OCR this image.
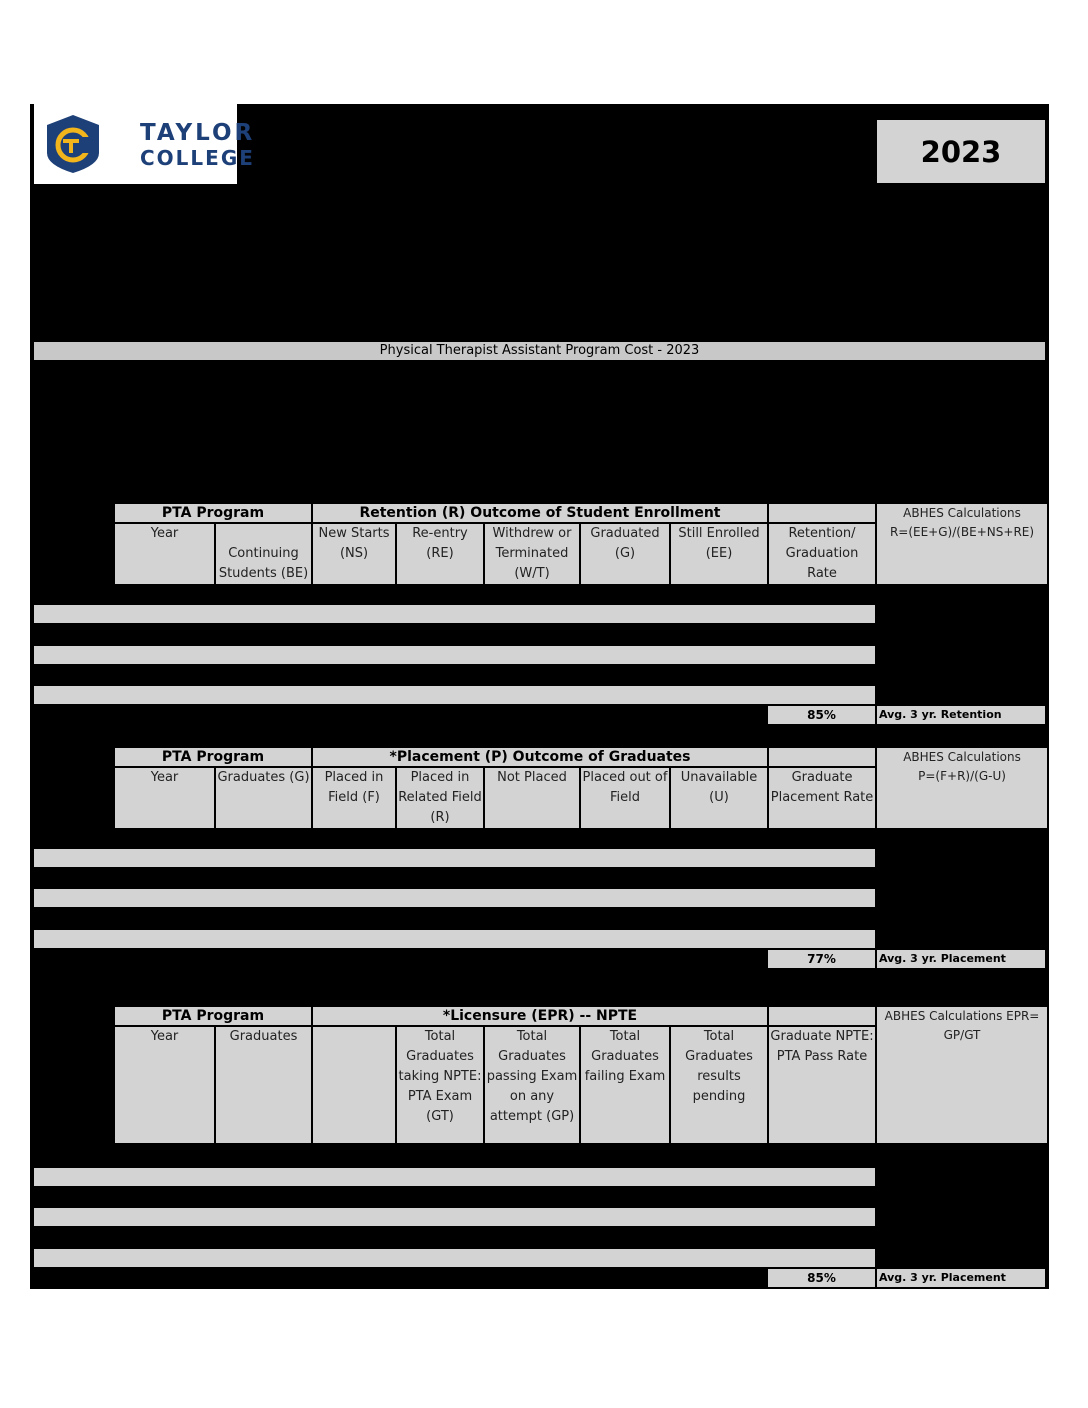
TAYLOR
COLLEGE	2023
Physical Therapist Assistant Program Cost - 2023
PTA Program		Retention (R) Outcome of Student Enrollment						ABHES Calculations
R=(EE+G)/(BE+NS+RE)

Year	Continuing Students (BE)	New Starts (NS)	Re-entry (RE)	Withdrew or Terminated (W/T)	Graduated (G)	Still Enrolled (EE)	Retention/ Graduation Rate	
85%	Avg. 3 yr. Retention
PTA Program		*Placement (P) Outcome of Graduates						ABHES Calculations
P=(F+R)/(G-U)

Year	Graduates (G)	Placed in Field (F)	Placed in Related Field (R)	Not Placed	Placed out of Field	Unavailable (U)	Graduate Placement Rate	
77%	Avg. 3 yr. Placement
PTA Program		*Licensure (EPR) -- NPTE						ABHES Calculations EPR=
GP/GT

Year	Graduates		Total Graduates taking NPTE: PTA Exam (GT)	Total Graduates passing Exam on any attempt (GP)	Total Graduates failing Exam	Total Graduates results pending	Graduate NPTE: PTA Pass Rate	
85%	Avg. 3 yr. Placement
